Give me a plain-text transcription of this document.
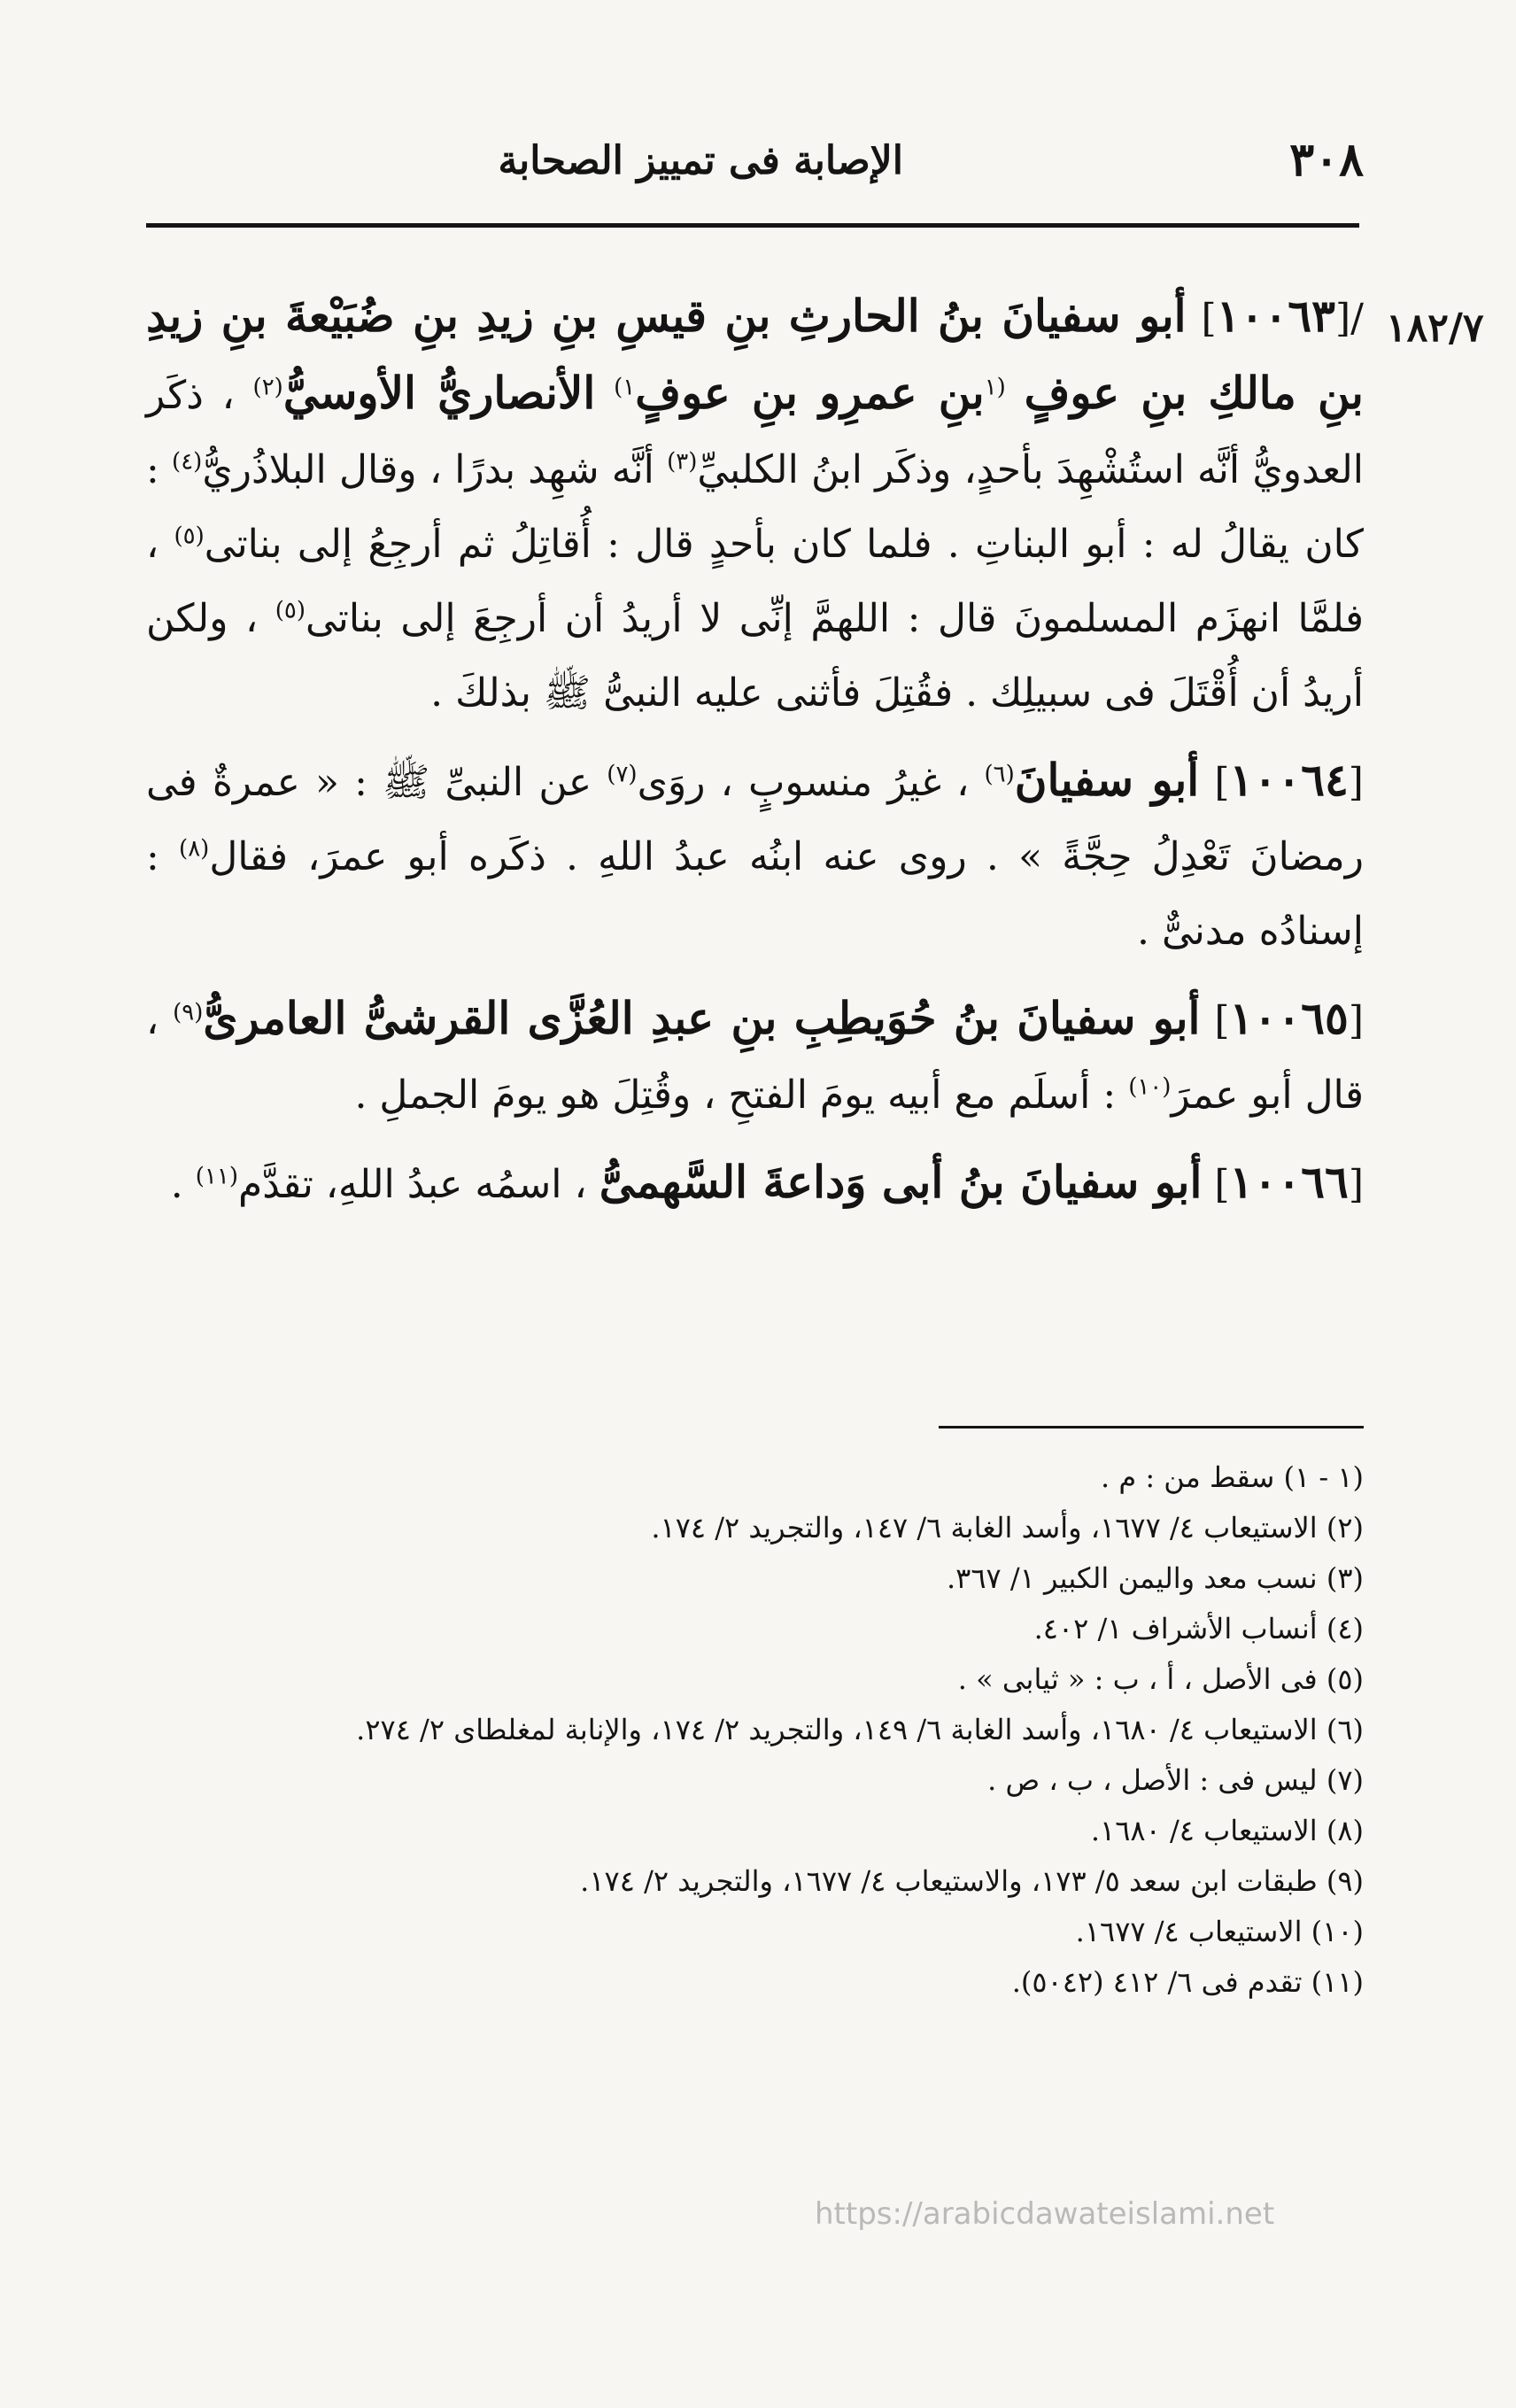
٣٠٨
الإصابة فى تمييز الصحابة
١٨٢/٧

/[١٠٠٦٣] أبو سفيانَ بنُ الحارثِ بنِ قيسِ بنِ زيدِ بنِ ضُبَيْعةَ بنِ زيدِ بنِ مالكِ بنِ عوفٍ $^{(١}$بنِ عمرِو بنِ عوفٍ$^{١)}$ الأنصاريُّ الأوسيُّ$^{(٢)}$ ، ذكَر العدويُّ أنَّه استُشْهِدَ بأحدٍ، وذكَر ابنُ الكلبيِّ$^{(٣)}$ أنَّه شهِد بدرًا ، وقال البلاذُريُّ$^{(٤)}$ : كان يقالُ له : أبو البناتِ . فلما كان بأحدٍ قال : أُقاتِلُ ثم أرجِعُ إلى بناتى$^{(٥)}$ ، فلمَّا انهزَم المسلمونَ قال : اللهمَّ إنِّى لا أريدُ أن أرجِعَ إلى بناتى$^{(٥)}$ ، ولكن أريدُ أن أُقْتَلَ فى سبيلِك . فقُتِلَ فأثنى عليه النبىُّ ﷺ بذلكَ .

[١٠٠٦٤] أبو سفيانَ$^{(٦)}$ ، غيرُ منسوبٍ ، روَى$^{(٧)}$ عن النبىِّ ﷺ : « عمرةٌ فى رمضانَ تَعْدِلُ حِجَّةً » . روى عنه ابنُه عبدُ اللهِ . ذكَره أبو عمرَ، فقال$^{(٨)}$ : إسنادُه مدنىٌّ .

[١٠٠٦٥] أبو سفيانَ بنُ حُوَيطِبِ بنِ عبدِ العُزَّى القرشىُّ العامرىُّ$^{(٩)}$ ، قال أبو عمرَ$^{(١٠)}$ : أسلَم مع أبيه يومَ الفتحِ ، وقُتِلَ هو يومَ الجملِ .

[١٠٠٦٦] أبو سفيانَ بنُ أبى وَداعةَ السَّهمىُّ ، اسمُه عبدُ اللهِ، تقدَّم$^{(١١)}$ .

(١ - ١) سقط من : م .
(٢) الاستيعاب ٤/ ١٦٧٧، وأسد الغابة ٦/ ١٤٧، والتجريد ٢/ ١٧٤.
(٣) نسب معد واليمن الكبير ١/ ٣٦٧.
(٤) أنساب الأشراف ١/ ٤٠٢.
(٥) فى الأصل ، أ ، ب : « ثيابى » .
(٦) الاستيعاب ٤/ ١٦٨٠، وأسد الغابة ٦/ ١٤٩، والتجريد ٢/ ١٧٤، والإنابة لمغلطاى ٢/ ٢٧٤.
(٧) ليس فى : الأصل ، ب ، ص .
(٨) الاستيعاب ٤/ ١٦٨٠.
(٩) طبقات ابن سعد ٥/ ١٧٣، والاستيعاب ٤/ ١٦٧٧، والتجريد ٢/ ١٧٤.
(١٠) الاستيعاب ٤/ ١٦٧٧.
(١١) تقدم فى ٦/ ٤١٢ (٥٠٤٢).
https://arabicdawateislami.net
